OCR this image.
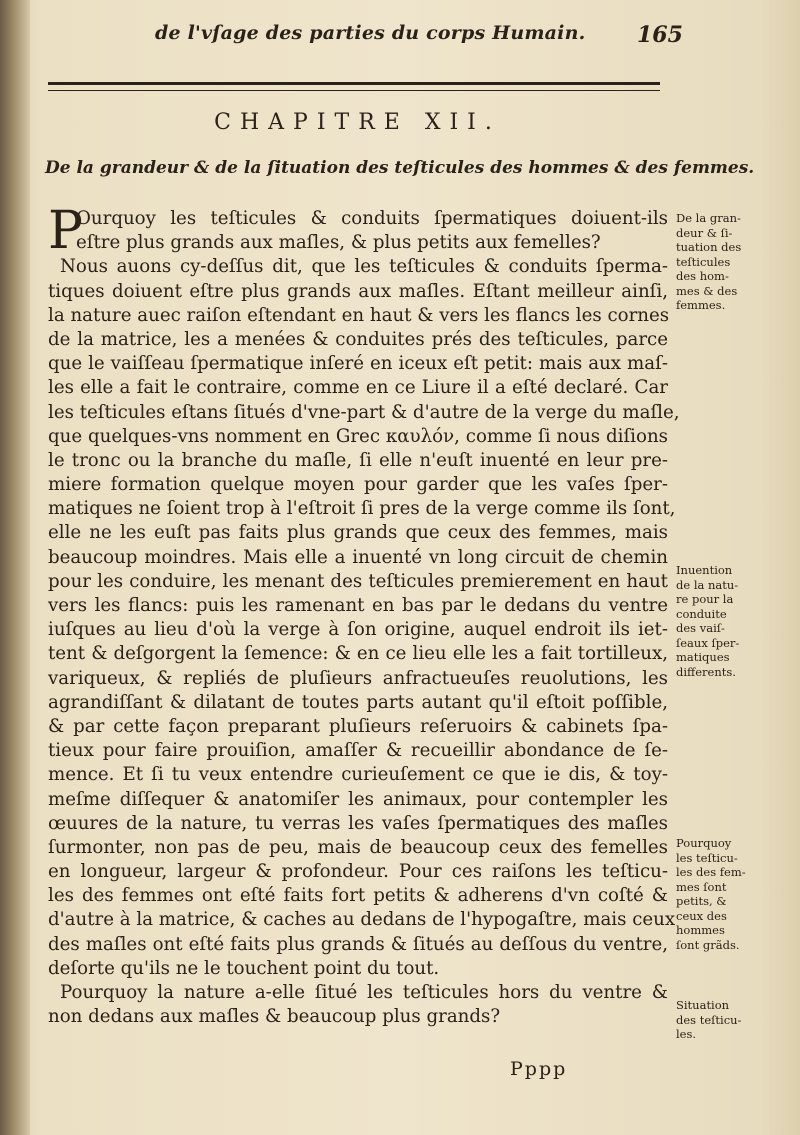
de l'vſage des parties du corps Humain. 165
CHAPITRE XII.
De la grandeur & de la ſituation des teſticules des hommes & des femmes.
P
Ourquoy les teſticules & conduits ſpermatiques doiuent-ils
eſtre plus grands aux maſles, & plus petits aux femelles?
Nous auons cy-deſſus dit, que les teſticules & conduits ſperma-
tiques doiuent eſtre plus grands aux maſles. Eſtant meilleur ainſi,
la nature auec raiſon eſtendant en haut & vers les flancs les cornes
de la matrice, les a menées & conduites prés des teſticules, parce
que le vaiſſeau ſpermatique inſeré en iceux eſt petit: mais aux maſ-
les elle a fait le contraire, comme en ce Liure il a eſté declaré. Car
les teſticules eſtans ſitués d'vne-part & d'autre de la verge du maſle,
que quelques-vns nomment en Grec καυλόν, comme ſi nous diſions
le tronc ou la branche du maſle, ſi elle n'euſt inuenté en leur pre-
miere formation quelque moyen pour garder que les vaſes ſper-
matiques ne ſoient trop à l'eſtroit ſi pres de la verge comme ils ſont,
elle ne les euſt pas faits plus grands que ceux des femmes, mais
beaucoup moindres. Mais elle a inuenté vn long circuit de chemin
pour les conduire, les menant des teſticules premierement en haut
vers les flancs: puis les ramenant en bas par le dedans du ventre
iuſques au lieu d'où la verge à ſon origine, auquel endroit ils iet-
tent & deſgorgent la ſemence: & en ce lieu elle les a fait tortilleux,
variqueux, & repliés de pluſieurs anfractueuſes reuolutions, les
agrandiſſant & dilatant de toutes parts autant qu'il eſtoit poſſible,
& par cette façon preparant pluſieurs reſeruoirs & cabinets ſpa-
tieux pour faire prouiſion, amaſſer & recueillir abondance de ſe-
mence. Et ſi tu veux entendre curieuſement ce que ie dis, & toy-
meſme diſſequer & anatomiſer les animaux, pour contempler les
œuures de la nature, tu verras les vaſes ſpermatiques des maſles
ſurmonter, non pas de peu, mais de beaucoup ceux des femelles
en longueur, largeur & profondeur. Pour ces raiſons les teſticu-
les des femmes ont eſté faits fort petits & adherens d'vn coſté &
d'autre à la matrice, & caches au dedans de l'hypogaſtre, mais ceux
des maſles ont eſté faits plus grands & ſitués au deſſous du ventre,
deſorte qu'ils ne le touchent point du tout.
Pourquoy la nature a-elle ſitué les teſticules hors du ventre &
non dedans aux maſles & beaucoup plus grands?
De la gran-
deur & ſi-
tuation des
teſticules
des hom-
mes & des
femmes.
Inuention
de la natu-
re pour la
conduite
des vaiſ-
ſeaux ſper-
matiques
differents.
Pourquoy
les teſticu-
les des fem-
mes ſont
petits, &
ceux des
hommes
ſont grãds.
Situation
des teſticu-
les.
Pppp
